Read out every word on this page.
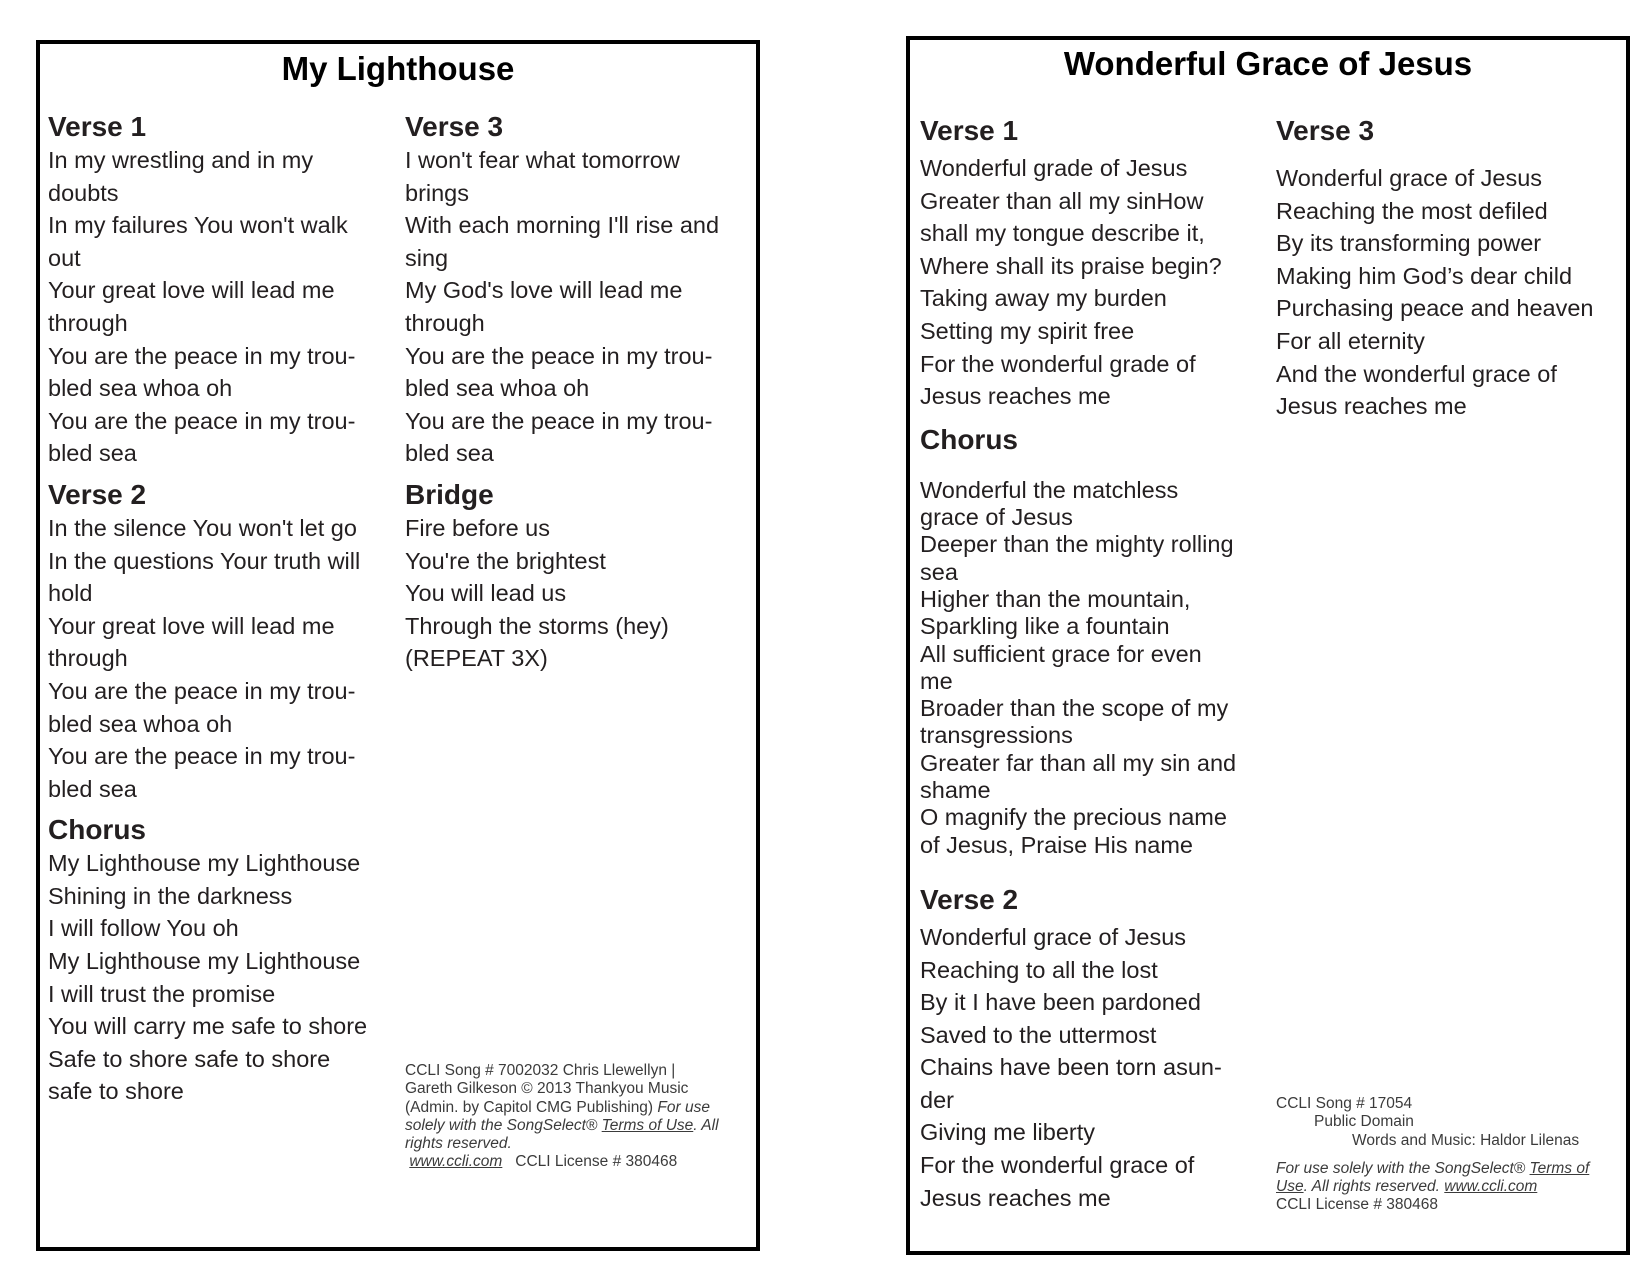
My Lighthouse
Verse 1
In my wrestling and in my
doubts
In my failures You won't walk
out
Your great love will lead me
through
You are the peace in my trou-
bled sea whoa oh
You are the peace in my trou-
bled sea
Verse 2
In the silence You won't let go
In the questions Your truth will
hold
Your great love will lead me
through
You are the peace in my trou-
bled sea whoa oh
You are the peace in my trou-
bled sea
Chorus
My Lighthouse my Lighthouse
Shining in the darkness
I will follow You oh
My Lighthouse my Lighthouse
I will trust the promise
You will carry me safe to shore
Safe to shore safe to shore
safe to shore
Verse 3
I won't fear what tomorrow
brings
With each morning I'll rise and
sing
My God's love will lead me
through
You are the peace in my trou-
bled sea whoa oh
You are the peace in my trou-
bled sea
Bridge
Fire before us
You're the brightest
You will lead us
Through the storms (hey)
(REPEAT 3X)
CCLI Song # 7002032 Chris Llewellyn |
Gareth Gilkeson © 2013 Thankyou Music
(Admin. by Capitol CMG Publishing) For use
solely with the SongSelect® Terms of Use. All
rights reserved.
www.ccli.com CCLI License # 380468
Wonderful Grace of Jesus
Verse 1
Wonderful grade of Jesus
Greater than all my sinHow
shall my tongue describe it,
Where shall its praise begin?
Taking away my burden
Setting my spirit free
For the wonderful grade of
Jesus reaches me
Chorus
Wonderful the matchless
grace of Jesus
Deeper than the mighty rolling
sea
Higher than the mountain,
Sparkling like a fountain
All sufficient grace for even
me
Broader than the scope of my
transgressions
Greater far than all my sin and
shame
O magnify the precious name
of Jesus, Praise His name
Verse 2
Wonderful grace of Jesus
Reaching to all the lost
By it I have been pardoned
Saved to the uttermost
Chains have been torn asun-
der
Giving me liberty
For the wonderful grace of
Jesus reaches me
Verse 3
Wonderful grace of Jesus
Reaching the most defiled
By its transforming power
Making him God’s dear child
Purchasing peace and heaven
For all eternity
And the wonderful grace of
Jesus reaches me
CCLI Song # 17054
Public Domain
Words and Music: Haldor Lilenas
For use solely with the SongSelect® Terms of
Use. All rights reserved. www.ccli.com
CCLI License # 380468
